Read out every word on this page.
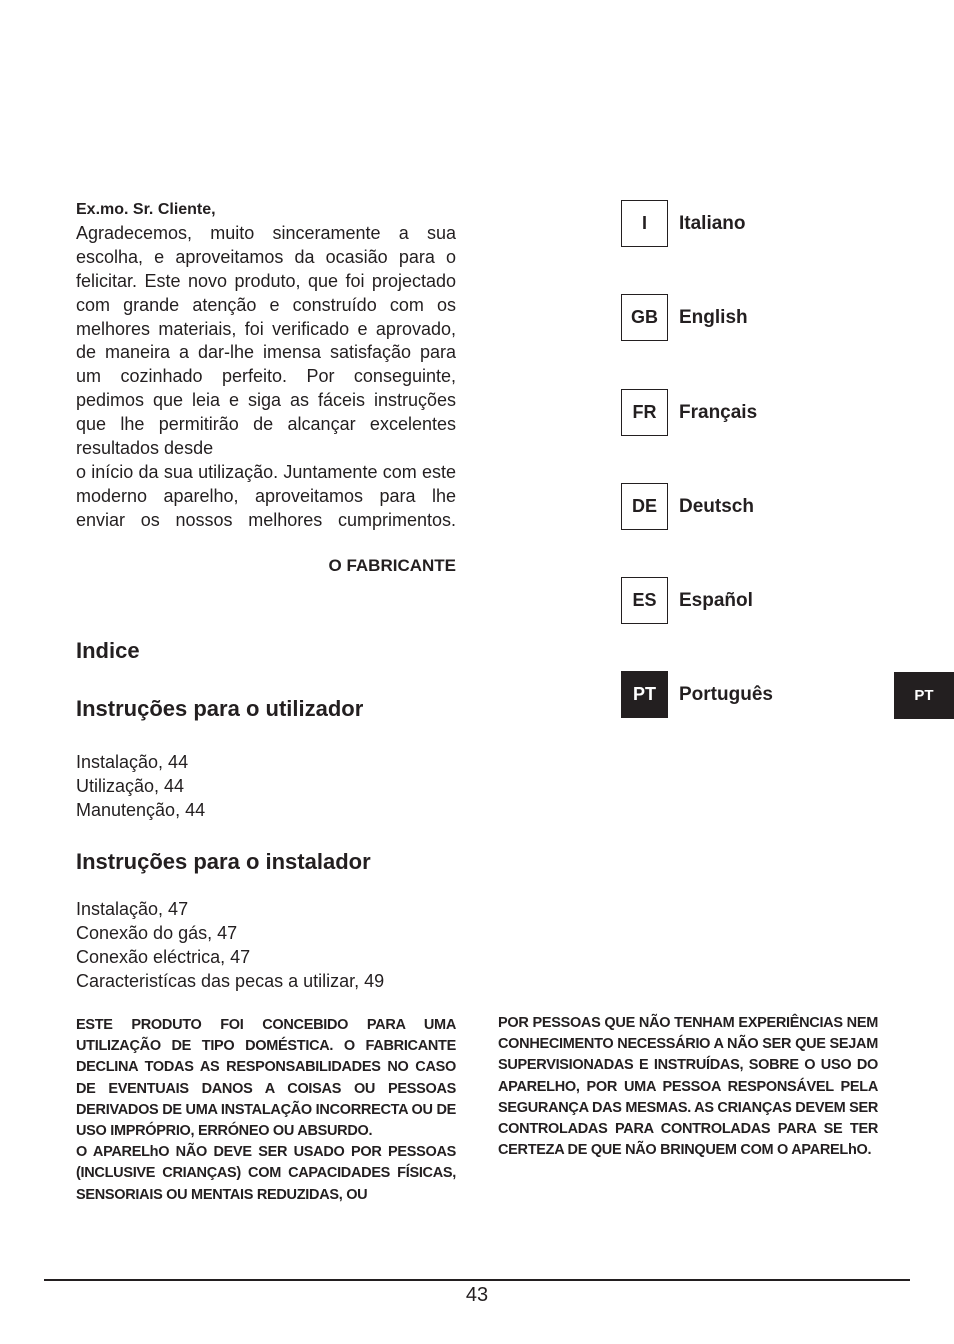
Ex.mo. Sr. Cliente,
Agradecemos, muito sinceramente a sua escolha, e aproveitamos da ocasião para o felicitar. Este novo produto, que foi projectado com grande atenção e construído com os melhores materiais, foi verificado e aprovado, de maneira a dar-lhe imensa satisfação para um cozinhado perfeito. Por conseguinte, pedimos que leia e siga as fáceis instruções que lhe permitirão de alcançar excelentes resultados desde
o início da sua utilização. Juntamente com este moderno aparelho, aproveitamos para lhe enviar os nossos melhores cumprimentos.
O FABRICANTE
Indice
Instruções para o utilizador
Instalação, 44
Utilização, 44
Manutenção, 44
Instruções para o instalador
Instalação, 47
Conexão do gás, 47
Conexão eléctrica, 47
Caracteristícas das pecas a utilizar, 49
I	Italiano
GB	English
FR	Français
DE	Deutsch
ES	Español
PT	Português	PT
ESTE PRODUTO FOI CONCEBIDO PARA UMA UTILIZAÇÃO DE TIPO DOMÉSTICA. O FABRICANTE DECLINA TODAS AS RESPONSABILIDADES NO CASO DE EVENTUAIS DANOS A COISAS OU PESSOAS DERIVADOS DE UMA INSTALAÇÃO INCORRECTA OU DE USO IMPRÓPRIO, ERRÓNEO OU ABSURDO.
O APARELhO NÃO DEVE SER USADO POR PESSOAS (INCLUSIVE CRIANÇAS) COM CAPACIDADES FÍSICAS, SENSORIAIS OU MENTAIS REDUZIDAS, OU
POR PESSOAS QUE NÃO TENHAM EXPERIÊNCIAS NEM CONHECIMENTO NECESSÁRIO A NÃO SER QUE SEJAM SUPERVISIONADAS E INSTRUÍDAS, SOBRE O USO DO APARELHO, POR UMA PESSOA RESPONSÁVEL PELA SEGURANÇA DAS MESMAS. AS CRIANÇAS DEVEM SER CONTROLADAS PARA CONTROLADAS PARA SE TER CERTEZA DE QUE NÃO BRINQUEM COM O APARELhO.
43
